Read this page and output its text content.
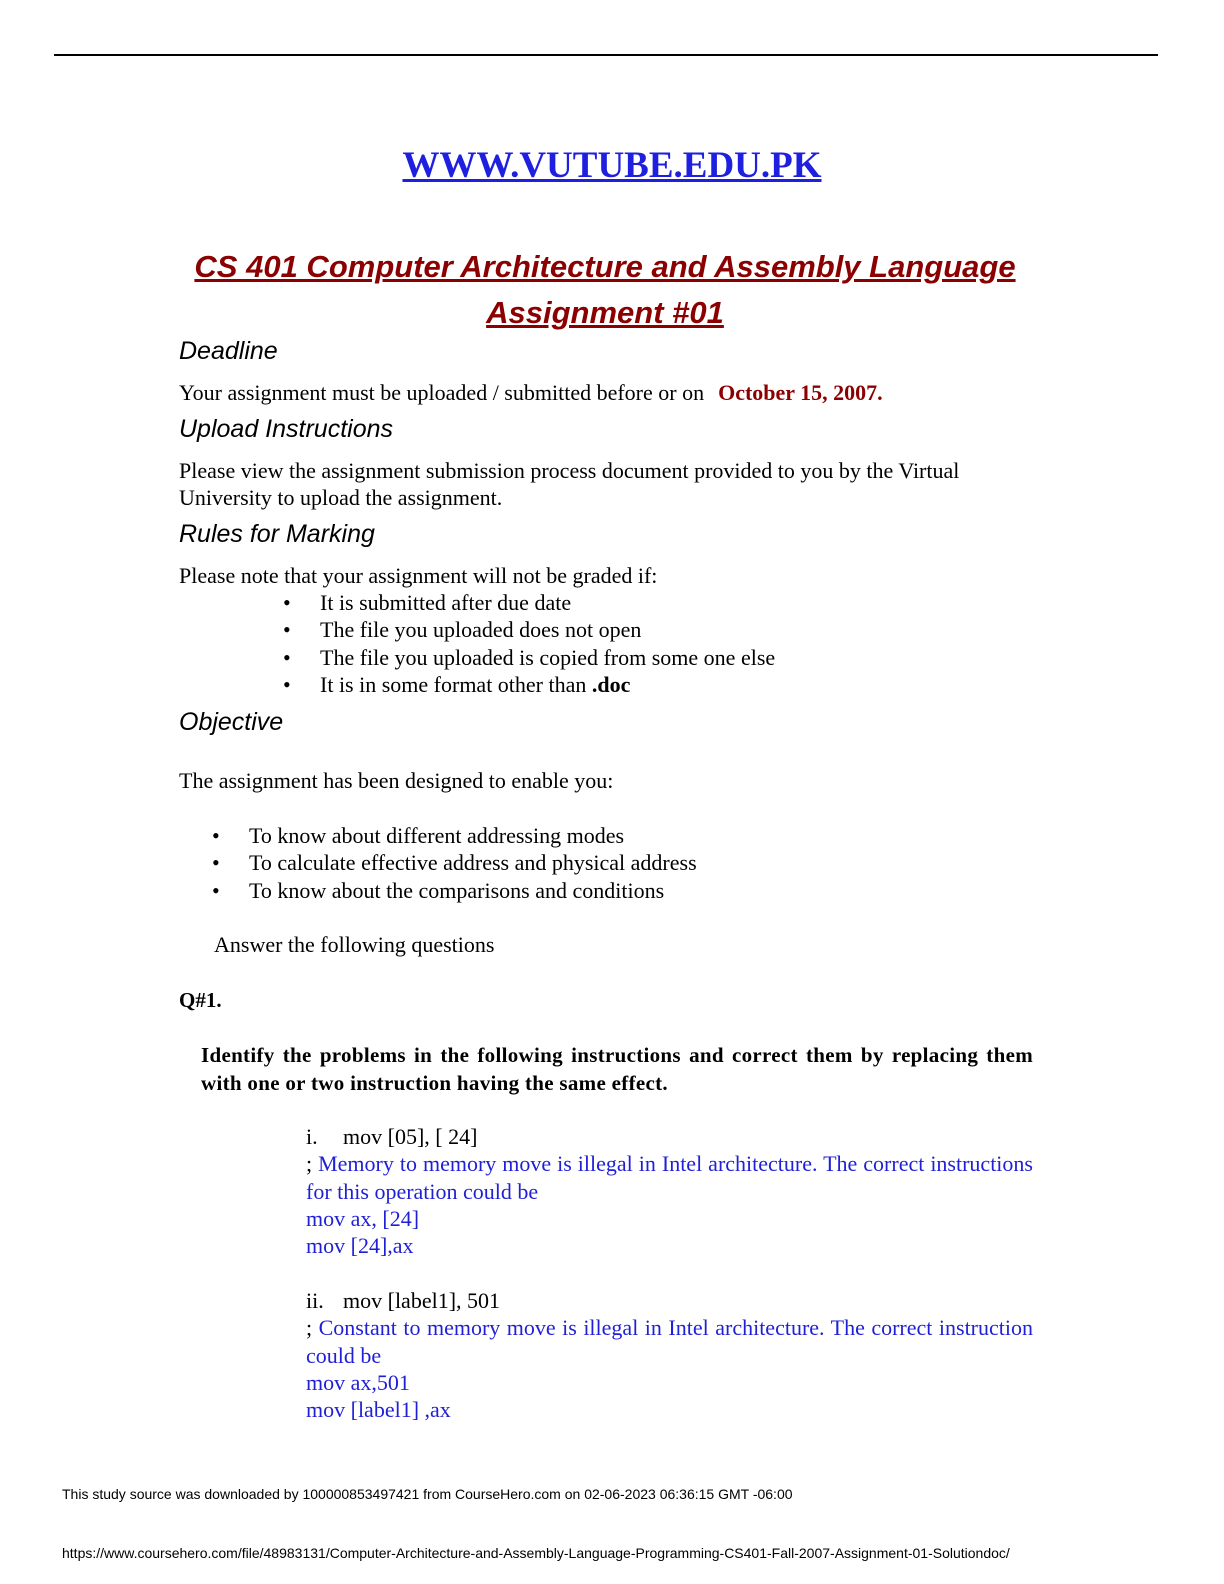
WWW.VUTUBE.EDU.PK
CS 401 Computer Architecture and Assembly Language
Assignment #01
Deadline
Your assignment must be uploaded / submitted before or on October 15, 2007.
Upload Instructions
Please view the assignment submission process document provided to you by the Virtual
University to upload the assignment.
Rules for Marking
Please note that your assignment will not be graded if:
• It is submitted after due date
• The file you uploaded does not open
• The file you uploaded is copied from some one else
• It is in some format other than .doc
Objective
The assignment has been designed to enable you:
• To know about different addressing modes
• To calculate effective address and physical address
• To know about the comparisons and conditions
Answer the following questions
Q#1.
Identify the problems in the following instructions and correct them by replacing them with one or two instruction having the same effect.
i. mov [05], [ 24]
; Memory to memory move is illegal in Intel architecture. The correct instructions for this operation could be
mov ax, [24]
mov [24],ax
ii. mov [label1], 501
; Constant to memory move is illegal in Intel architecture. The correct instruction could be
mov ax,501
mov [label1] ,ax
This study source was downloaded by 100000853497421 from CourseHero.com on 02-06-2023 06:36:15 GMT -06:00
https://www.coursehero.com/file/48983131/Computer-Architecture-and-Assembly-Language-Programming-CS401-Fall-2007-Assignment-01-Solutiondoc/
